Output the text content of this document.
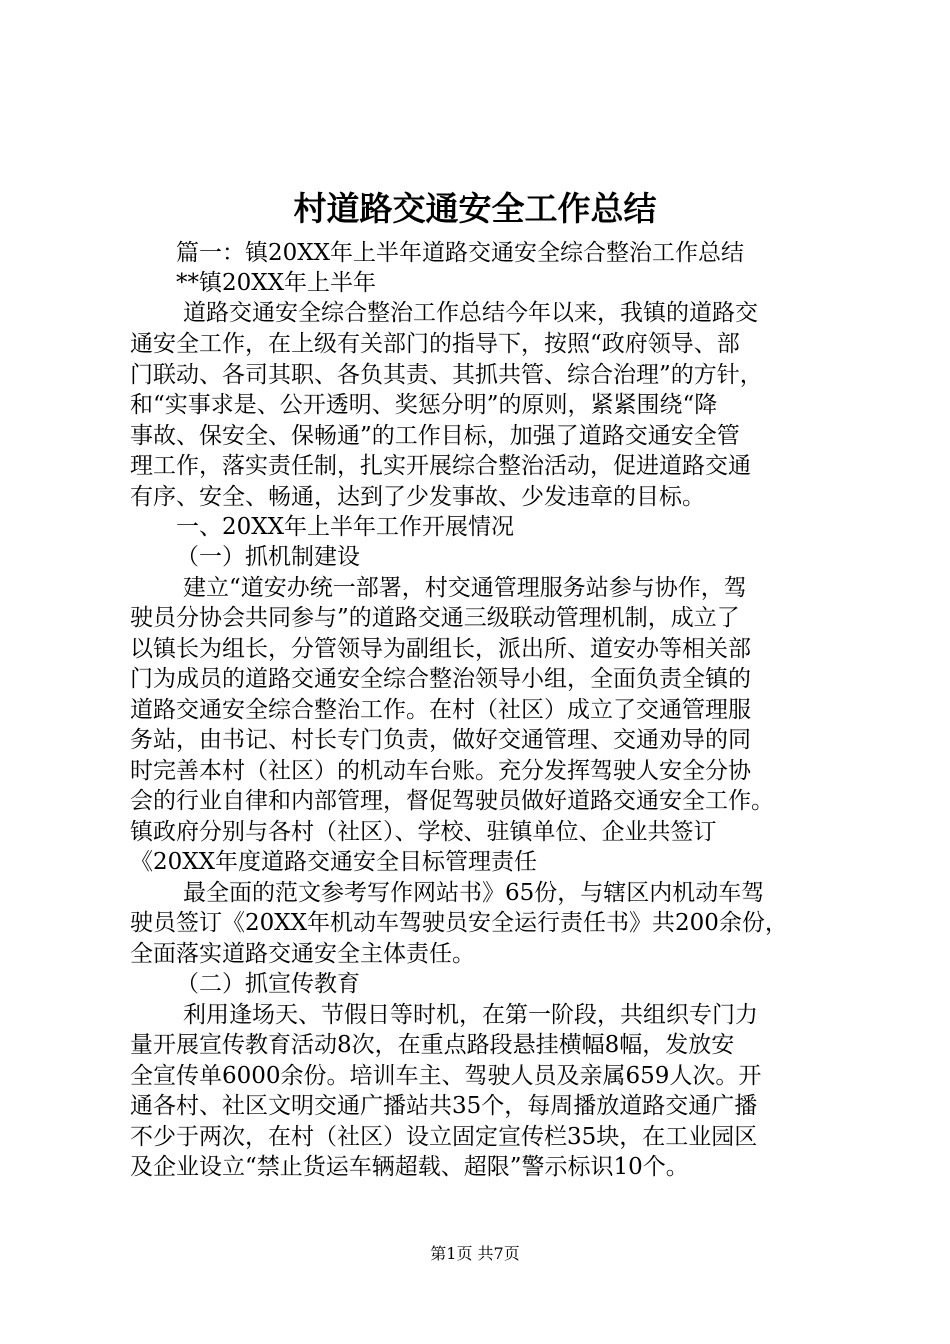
村道路交通安全工作总结
篇一：镇20XX年上半年道路交通安全综合整治工作总结
**镇20XX年上半年
道路交通安全综合整治工作总结今年以来，我镇的道路交
通安全工作，在上级有关部门的指导下，按照“政府领导、部
门联动、各司其职、各负其责、其抓共管、综合治理”的方针，
和“实事求是、公开透明、奖惩分明”的原则，紧紧围绕“降
事故、保安全、保畅通”的工作目标，加强了道路交通安全管
理工作，落实责任制，扎实开展综合整治活动，促进道路交通
有序、安全、畅通，达到了少发事故、少发违章的目标。
一、20XX年上半年工作开展情况
（一）抓机制建设
建立“道安办统一部署，村交通管理服务站参与协作，驾
驶员分协会共同参与”的道路交通三级联动管理机制，成立了
以镇长为组长，分管领导为副组长，派出所、道安办等相关部
门为成员的道路交通安全综合整治领导小组，全面负责全镇的
道路交通安全综合整治工作。在村（社区）成立了交通管理服
务站，由书记、村长专门负责，做好交通管理、交通劝导的同
时完善本村（社区）的机动车台账。充分发挥驾驶人安全分协
会的行业自律和内部管理，督促驾驶员做好道路交通安全工作。
镇政府分别与各村（社区）、学校、驻镇单位、企业共签订
《20XX年度道路交通安全目标管理责任
最全面的范文参考写作网站书》65份，与辖区内机动车驾
驶员签订《20XX年机动车驾驶员安全运行责任书》共200余份，
全面落实道路交通安全主体责任。
（二）抓宣传教育
利用逢场天、节假日等时机，在第一阶段，共组织专门力
量开展宣传教育活动8次，在重点路段悬挂横幅8幅，发放安
全宣传单6000余份。培训车主、驾驶人员及亲属659人次。开
通各村、社区文明交通广播站共35个，每周播放道路交通广播
不少于两次，在村（社区）设立固定宣传栏35块，在工业园区
及企业设立“禁止货运车辆超载、超限”警示标识10个。
第1页 共7页
